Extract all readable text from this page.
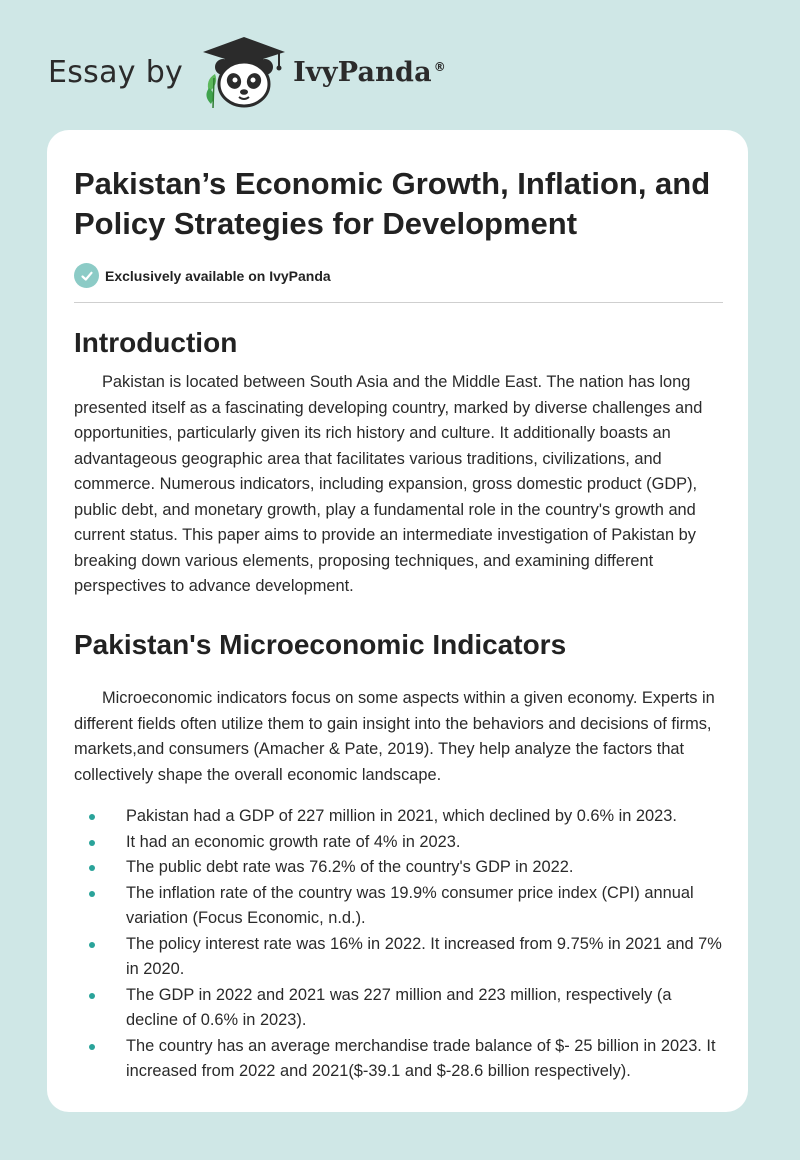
Essay by	IvyPanda ®
Pakistan’s Economic Growth, Inflation, and Policy Strategies for Development
Exclusively available on IvyPanda
Introduction

Pakistan is located between South Asia and the Middle East. The nation has long presented itself as a fascinating developing country, marked by diverse challenges and opportunities, particularly given its rich history and culture. It additionally boasts an advantageous geographic area that facilitates various traditions, civilizations, and commerce. Numerous indicators, including expansion, gross domestic product (GDP), public debt, and monetary growth, play a fundamental role in the country's growth and current status. This paper aims to provide an intermediate investigation of Pakistan by breaking down various elements, proposing techniques, and examining different perspectives to advance development.

Pakistan's Microeconomic Indicators

Microeconomic indicators focus on some aspects within a given economy. Experts in different fields often utilize them to gain insight into the behaviors and decisions of firms, markets,and consumers (Amacher & Pate, 2019). They help analyze the factors that collectively shape the overall economic landscape.

Pakistan had a GDP of 227 million in 2021, which declined by 0.6% in 2023.
It had an economic growth rate of 4% in 2023.
The public debt rate was 76.2% of the country's GDP in 2022.
The inflation rate of the country was 19.9% consumer price index (CPI) annual variation (Focus Economic, n.d.).
The policy interest rate was 16% in 2022. It increased from 9.75% in 2021 and 7% in 2020.
The GDP in 2022 and 2021 was 227 million and 223 million, respectively (a decline of 0.6% in 2023).
The country has an average merchandise trade balance of $- 25 billion in 2023. It increased from 2022 and 2021($-39.1 and $-28.6 billion respectively).
